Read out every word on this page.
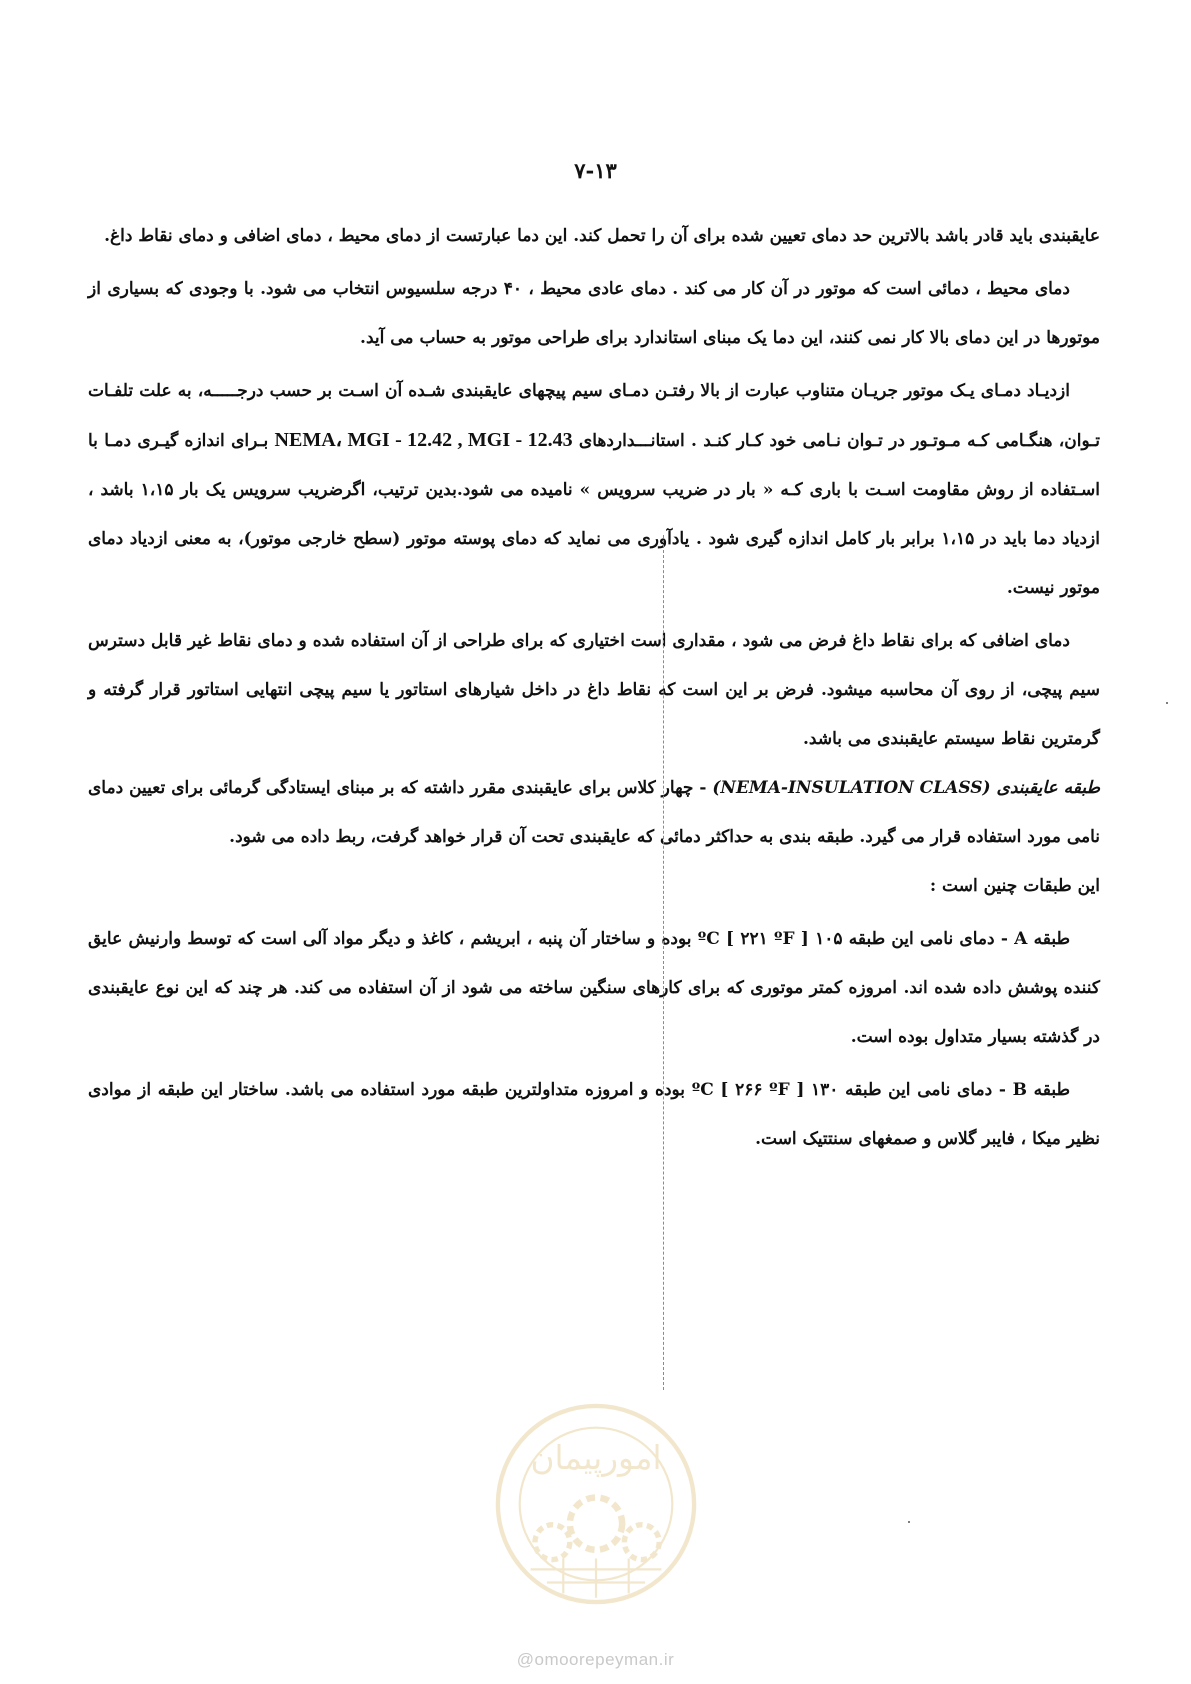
۷-۱۳

عایقبندی باید قادر باشد بالاترین حد دمای تعیین شده برای آن را تحمل کند. این دما عبارتست از دمای محیط ، دمای اضافی و دمای نقاط داغ.

دمای محیط ، دمائی است که موتور در آن کار می کند . دمای عادی محیط ، ۴۰ درجه سلسیوس انتخاب می شود. با وجودی که بسیاری از موتورها در این دمای بالا کار نمی کنند، این دما یک مبنای استاندارد برای طراحی موتور به حساب می آید.

ازدیـاد دمـای یـک موتور جریـان متناوب عبارت از بالا رفتـن دمـای سیم پیچهای عایقبندی شـده آن اسـت بر حسب درجـــــه، به علت تلفـات تـوان، هنگـامی کـه مـوتـور در تـوان نـامی خود کـار کنـد . استانـــداردهای NEMA، MGI - 12.42 , MGI - 12.43 بـرای اندازه گیـری دمـا با اسـتفاده از روش مقاومت اسـت با باری کـه « بار در ضریب سرویس » نامیده می شود.بدین ترتیب، اگرضریب سرویس یک بار ۱،۱۵ باشد ، ازدیاد دما باید در ۱،۱۵ برابر بار کامل اندازه گیری شود . یادآوری می نماید که دمای پوسته موتور (سطح خارجی موتور)، به معنی ازدیاد دمای موتور نیست.

دمای اضافی که برای نقاط داغ فرض می شود ، مقداری است اختیاری که برای طراحی از آن استفاده شده و دمای نقاط غیر قابل دسترس سیم پیچی، از روی آن محاسبه میشود. فرض بر این است که نقاط داغ در داخل شیارهای استاتور یا سیم پیچی انتهایی استاتور قرار گرفته و گرمترین نقاط سیستم عایقبندی می باشد.

طبقه عایقبندی (NEMA-INSULATION CLASS) - چهار کلاس برای عایقبندی مقرر داشته که بر مبنای ایستادگی گرمائی برای تعیین دمای نامی مورد استفاده قرار می گیرد. طبقه بندی به حداکثر دمائی که عایقبندی تحت آن قرار خواهد گرفت، ربط داده می شود.

این طبقات چنین است :

طبقه A - دمای نامی این طبقه ۱۰۵ ºC [ ۲۲۱ ºF ] بوده و ساختار آن پنبه ، ابریشم ، کاغذ و دیگر مواد آلی است که توسط وارنیش عایق کننده پوشش داده شده اند. امروزه کمتر موتوری که برای کارهای سنگین ساخته می شود از آن استفاده می کند. هر چند که این نوع عایقبندی در گذشته بسیار متداول بوده است.

طبقه B - دمای نامی این طبقه ۱۳۰ ºC [ ۲۶۶ ºF ] بوده و امروزه متداولترین طبقه مورد استفاده می باشد. ساختار این طبقه از موادی نظیر میکا ، فایبر گلاس و صمغهای سنتتیک است.

امورپیمان
@omoorepeyman.ir
